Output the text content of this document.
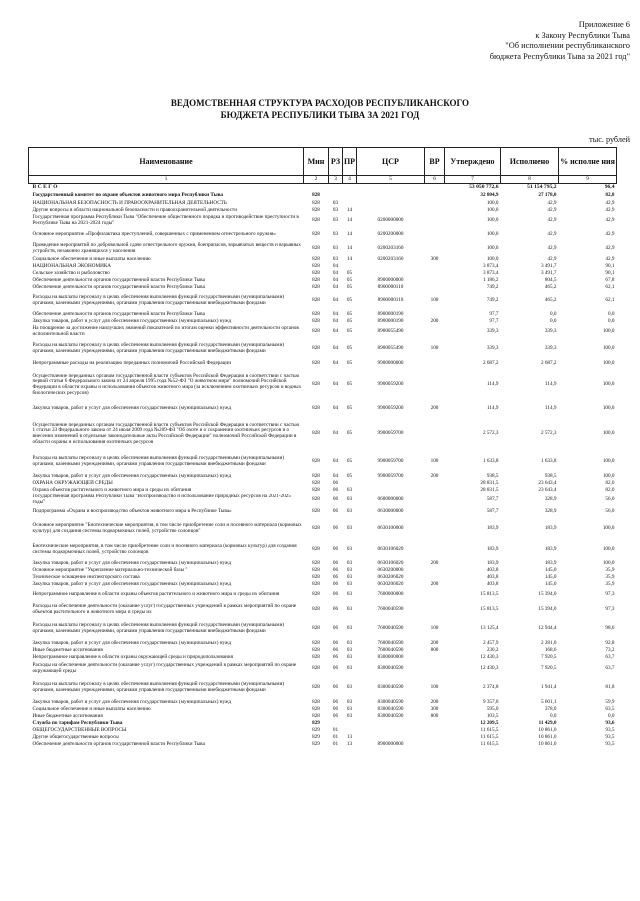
Приложение 6
к Закону Республики Тыва
"Об исполнении республиканского
бюджета Республики Тыва за 2021 год"
ВЕДОМСТВЕННАЯ СТРУКТУРА РАСХОДОВ РЕСПУБЛИКАНСКОГО
БЮДЖЕТА РЕСПУБЛИКИ ТЫВА ЗА 2021 ГОД
тыс. рублей
Наименование	Мин	РЗ	ПР	ЦСР	ВР	Утверждено	Исполнено	% исполне ния
1	2	3	4	5	6	7	8	9
В С Е Г О						53 050 772,6	51 154 795,2	96,4
Государственный комитет по охране объектов животного мира Республики Тыва	828					32 804,9	27 178,0	82,8
НАЦИОНАЛЬНАЯ БЕЗОПАСНОСТЬ И ПРАВООХРАНИТЕЛЬНАЯ ДЕЯТЕЛЬНОСТЬ	828	03				100,0	42,9	42,9
Другие вопросы в области национальной безопасности и правоохранительной деятельности	828	03	14			100,0	42,9	42,9
Государственная программа Республики Тыва "Обеспечение общественного порядка и противодействие преступности в Республике Тыва на 2021-2024 годы"	828	03	14	0200000000		100,0	42,9	42,9
Основное мероприятие «Профилактика преступлений, совершенных с применением огнестрельного оружия»	828	03	14	0200200000		100,0	42,9	42,9
Проведение мероприятий по добровольной сдаче огнестрельного оружия, боеприпасов, взрывчатых веществ и взрывных устройств, незаконно хранящихся у населения	828	03	14	0200203160		100,0	42,9	42,9
Социальное обеспечение и иные выплаты населению	828	03	14	0200203160	300	100,0	42,9	42,9
НАЦИОНАЛЬНАЯ ЭКОНОМИКА	828	04				3 873,4	3 491,7	90,1
Сельское хозяйство и рыболовство	828	04	05			3 873,4	3 491,7	90,1
Обеспечение деятельности органов государственной власти Республики Тыва	828	04	05	8900000000		1 186,2	804,5	67,8
Обеспечение деятельности органов государственной власти Республики Тыва	828	04	05	8900000110		749,2	465,2	62,1
Расходы на выплаты персоналу в целях обеспечения выполнения функций государственными (муниципальными) органами, казенными учреждениями, органами управления государственными внебюджетными фондами	828	04	05	8900000110	100	749,2	465,2	62,1
Обеспечение деятельности органов государственной власти Республики Тыва	828	04	05	8900000190		97,7	0,0	0,0
Закупка товаров, работ и услуг для обеспечения государственных (муниципальных) нужд	828	04	05	8900000190	200	97,7	0,0	0,0
На поощрение за достижение наилучших значений показателей по итогам оценки эффективности деятельности органов исполнительной власти	828	04	05	8900055490		339,3	339,3	100,0
Расходы на выплаты персоналу в целях обеспечения выполнения функций государственными (муниципальными) органами, казенными учреждениями, органами управления государственными внебюджетными фондами	828	04	05	8900055490	100	339,3	339,3	100,0
Непрограммные расходы на реализацию переданных полномочий Российской Федерации	828	04	05	9900000000		2 687,2	2 687,2	100,0
Осуществление переданных органам государственной власти субъектов Российской Федерации в соответствии с частью первой статьи 6 Федерального закона от 24 апреля 1995 года №52-ФЗ "О животном мире" полномочий Российской Федерации в области охраны и использования объектов животного мира (за исключением охотничьих ресурсов и водных биологических ресурсов)	828	04	05	9900059200		114,9	114,9	100,0
Закупка товаров, работ и услуг для обеспечения государственных (муниципальных) нужд	828	04	05	9900059200	200	114,9	114,9	100,0
Осуществление переданных органам государственной власти субъектов Российской Федерации в соответствии с частью 1 статьи 33 Федерального закона от 24 июля 2009 года №209-ФЗ "Об охоте и о сохранении охотничьих ресурсов и о внесении изменений в отдельные законодательные акты Российской Федерации" полномочий Российской Федерации в области охраны и использования охотничьих ресурсов	828	04	05	9900059700		2 572,3	2 572,3	100,0
Расходы на выплаты персоналу в целях обеспечения выполнения функций государственными (муниципальными) органами, казенными учреждениями, органами управления государственными внебюджетными фондами	828	04	05	9900059700	100	1 633,8	1 633,8	100,0
Закупка товаров, работ и услуг для обеспечения государственных (муниципальных) нужд	828	04	05	9900059700	200	938,5	938,5	100,0
ОХРАНА ОКРУЖАЮЩЕЙ СРЕДЫ	828	06				28 831,5	23 643,4	82,0
Охрана объектов растительного и животного мира и среды их обитания	828	06	03			28 831,5	23 643,4	82,0
Государственная программа Республики Тыва "Воспроизводство и использование природных ресурсов на 2021-2025 годы"	828	06	03	0600000000		587,7	328,9	56,0
Подпрограмма «Охрана и воспроизводство объектов животного мира в Республике Тыва»	828	06	03	0630000000		587,7	328,9	56,0
Основное мероприятие "Биотехнические мероприятия, в том числе приобретение соли и посевного материала (кормовых культур) для создания системы подкормочных полей, устройство солонцов"	828	06	03	0630100000		183,9	183,9	100,0
Биотехнические мероприятия, в том числе приобретение соли и посевного материала (кормовых культур) для создания системы подкормочных полей, устройство солонцов	828	06	03	0630106020		183,9	183,9	100,0
Закупка товаров, работ и услуг для обеспечения государственных (муниципальных) нужд	828	06	03	0630106020	200	183,9	183,9	100,0
Основное мероприятие "Укрепление материально-технической базы "	828	06	03	0630200000		403,8	145,0	35,9
Техническое оснащение инспекторского состава	828	06	03	0630206020		403,8	145,0	35,9
Закупка товаров, работ и услуг для обеспечения государственных (муниципальных) нужд	828	06	03	0630206020	200	403,8	145,0	35,9
Непрограммное направление в области охраны объектов растительного и животного мира и среды их обитания	828	06	03	7600000000		15 813,5	15 394,0	97,3
Расходы на обеспечение деятельности (оказание услуг) государственных учреждений в рамках мероприятий по охране объектов растительного и животного мира и среды их	828	06	03	7600040590		15 813,5	15 394,0	97,3
Расходы на выплаты персоналу в целях обеспечения выполнения функций государственными (муниципальными) органами, казенными учреждениями, органами управления государственными внебюджетными фондами	828	06	03	7600040590	100	13 125,4	12 944,4	98,6
Закупка товаров, работ и услуг для обеспечения государственных (муниципальных) нужд	828	06	03	7600040590	200	2 457,9	2 281,0	92,8
Иные бюджетные ассигнования	828	06	03	7600040590	800	230,2	168,6	73,2
Непрограммное направление в области охраны окружающей среды и природопользования	828	06	03	8300000000		12 430,3	7 920,5	63,7
Расходы на обеспечение деятельности (оказание услуг) государственных учреждений в рамках мероприятий по охране окружающей среды	828	06	03	8300040590		12 430,3	7 920,5	63,7
Расходы на выплаты персоналу в целях обеспечения выполнения функций государственными (муниципальными) органами, казенными учреждениями, органами управления государственными внебюджетными фондами	828	06	03	8300040590	100	2 374,8	1 941,4	81,8
Закупка товаров, работ и услуг для обеспечения государственных (муниципальных) нужд	828	06	03	8300040590	200	9 357,0	5 601,1	59,9
Социальное обеспечение и иные выплаты населению	828	06	03	8300040590	300	595,0	378,0	63,5
Иные бюджетные ассигнования	828	06	03	8300040590	800	103,5	0,0	0,0
Служба по тарифам Республики Тыва	829					12 209,5	11 429,0	93,6
ОБЩЕГОСУДАРСТВЕННЫЕ ВОПРОСЫ	829	01				11 615,5	10 861,0	93,5
Другие общегосударственные вопросы	829	01	13			11 615,5	10 861,0	93,5
Обеспечение деятельности органов государственной власти Республики Тыва	829	01	13	8900000000		11 615,5	10 861,0	93,5
